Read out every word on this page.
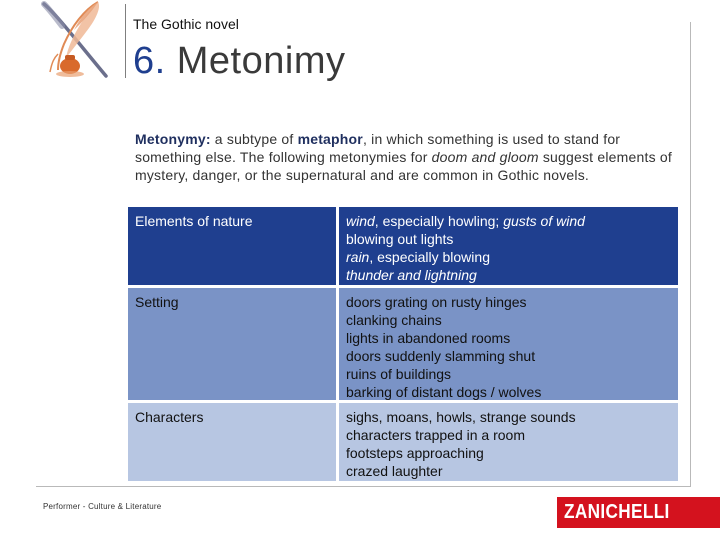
The Gothic novel
6. Metonimy

Metonymy: a subtype of metaphor, in which something is used to stand for something else. The following metonymies for doom and gloom suggest elements of mystery, danger, or the supernatural and are common in Gothic novels.

Elements of nature	wind, especially howling; gusts of wind
blowing out lights
rain, especially blowing
thunder and lightning
Setting	doors grating on rusty hinges
clanking chains
lights in abandoned rooms
doors suddenly slamming shut
ruins of buildings
barking of distant dogs / wolves
Characters	sighs, moans, howls, strange sounds
characters trapped in a room
footsteps approaching
crazed laughter
Performer - Culture & Literature	ZANICHELLI
